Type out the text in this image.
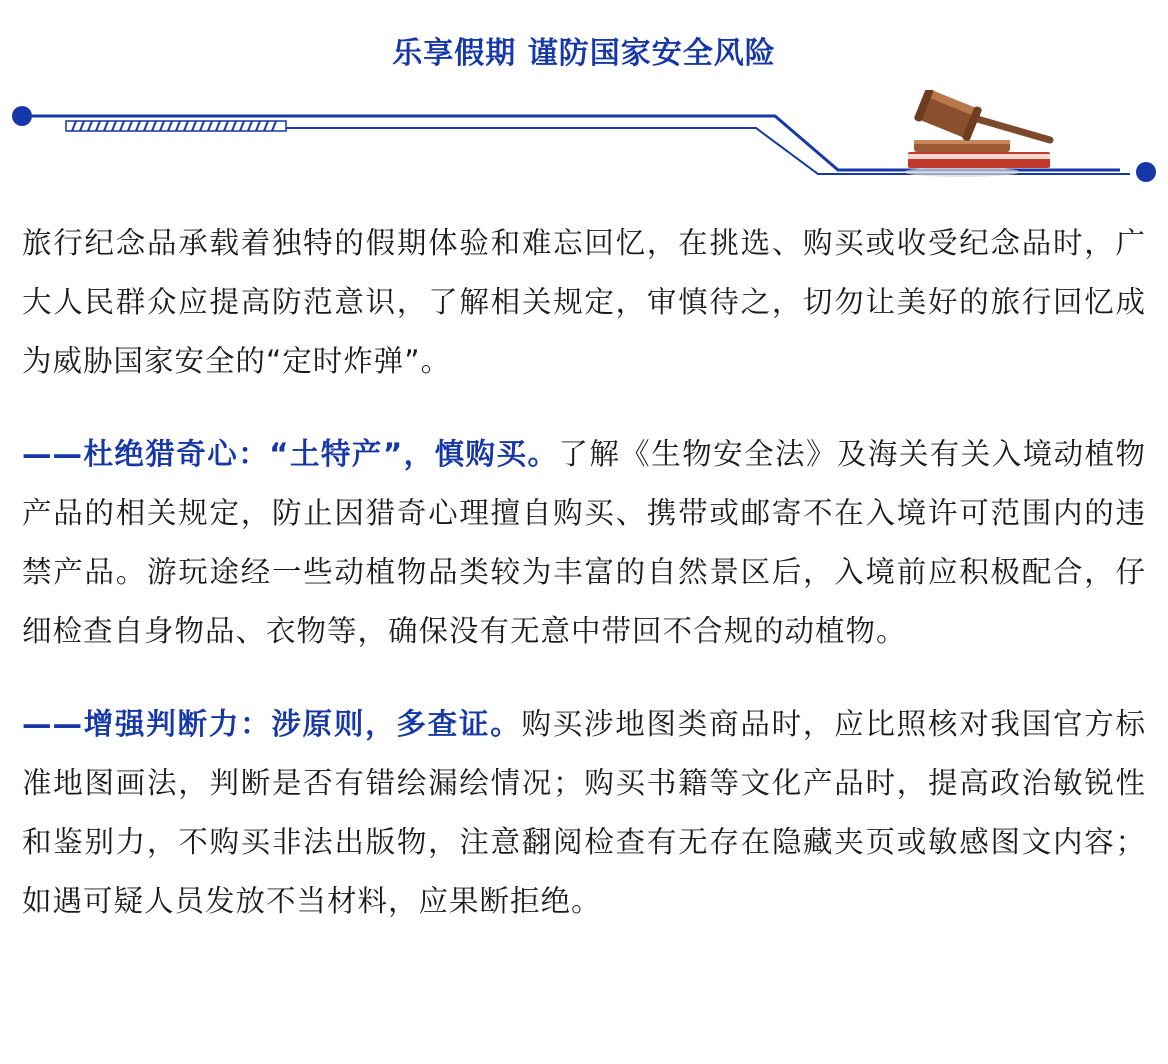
乐享假期 谨防国家安全风险

旅行纪念品承载着独特的假期体验和难忘回忆，在挑选、购买或收受纪念品时，广大人民群众应提高防范意识，了解相关规定，审慎待之，切勿让美好的旅行回忆成为威胁国家安全的“定时炸弹”。

——杜绝猎奇心：“土特产”，慎购买。了解《生物安全法》及海关有关入境动植物产品的相关规定，防止因猎奇心理擅自购买、携带或邮寄不在入境许可范围内的违禁产品。游玩途经一些动植物品类较为丰富的自然景区后，入境前应积极配合，仔细检查自身物品、衣物等，确保没有无意中带回不合规的动植物。

——增强判断力：涉原则，多查证。购买涉地图类商品时，应比照核对我国官方标准地图画法，判断是否有错绘漏绘情况；购买书籍等文化产品时，提高政治敏锐性和鉴别力，不购买非法出版物，注意翻阅检查有无存在隐藏夹页或敏感图文内容；如遇可疑人员发放不当材料，应果断拒绝。
